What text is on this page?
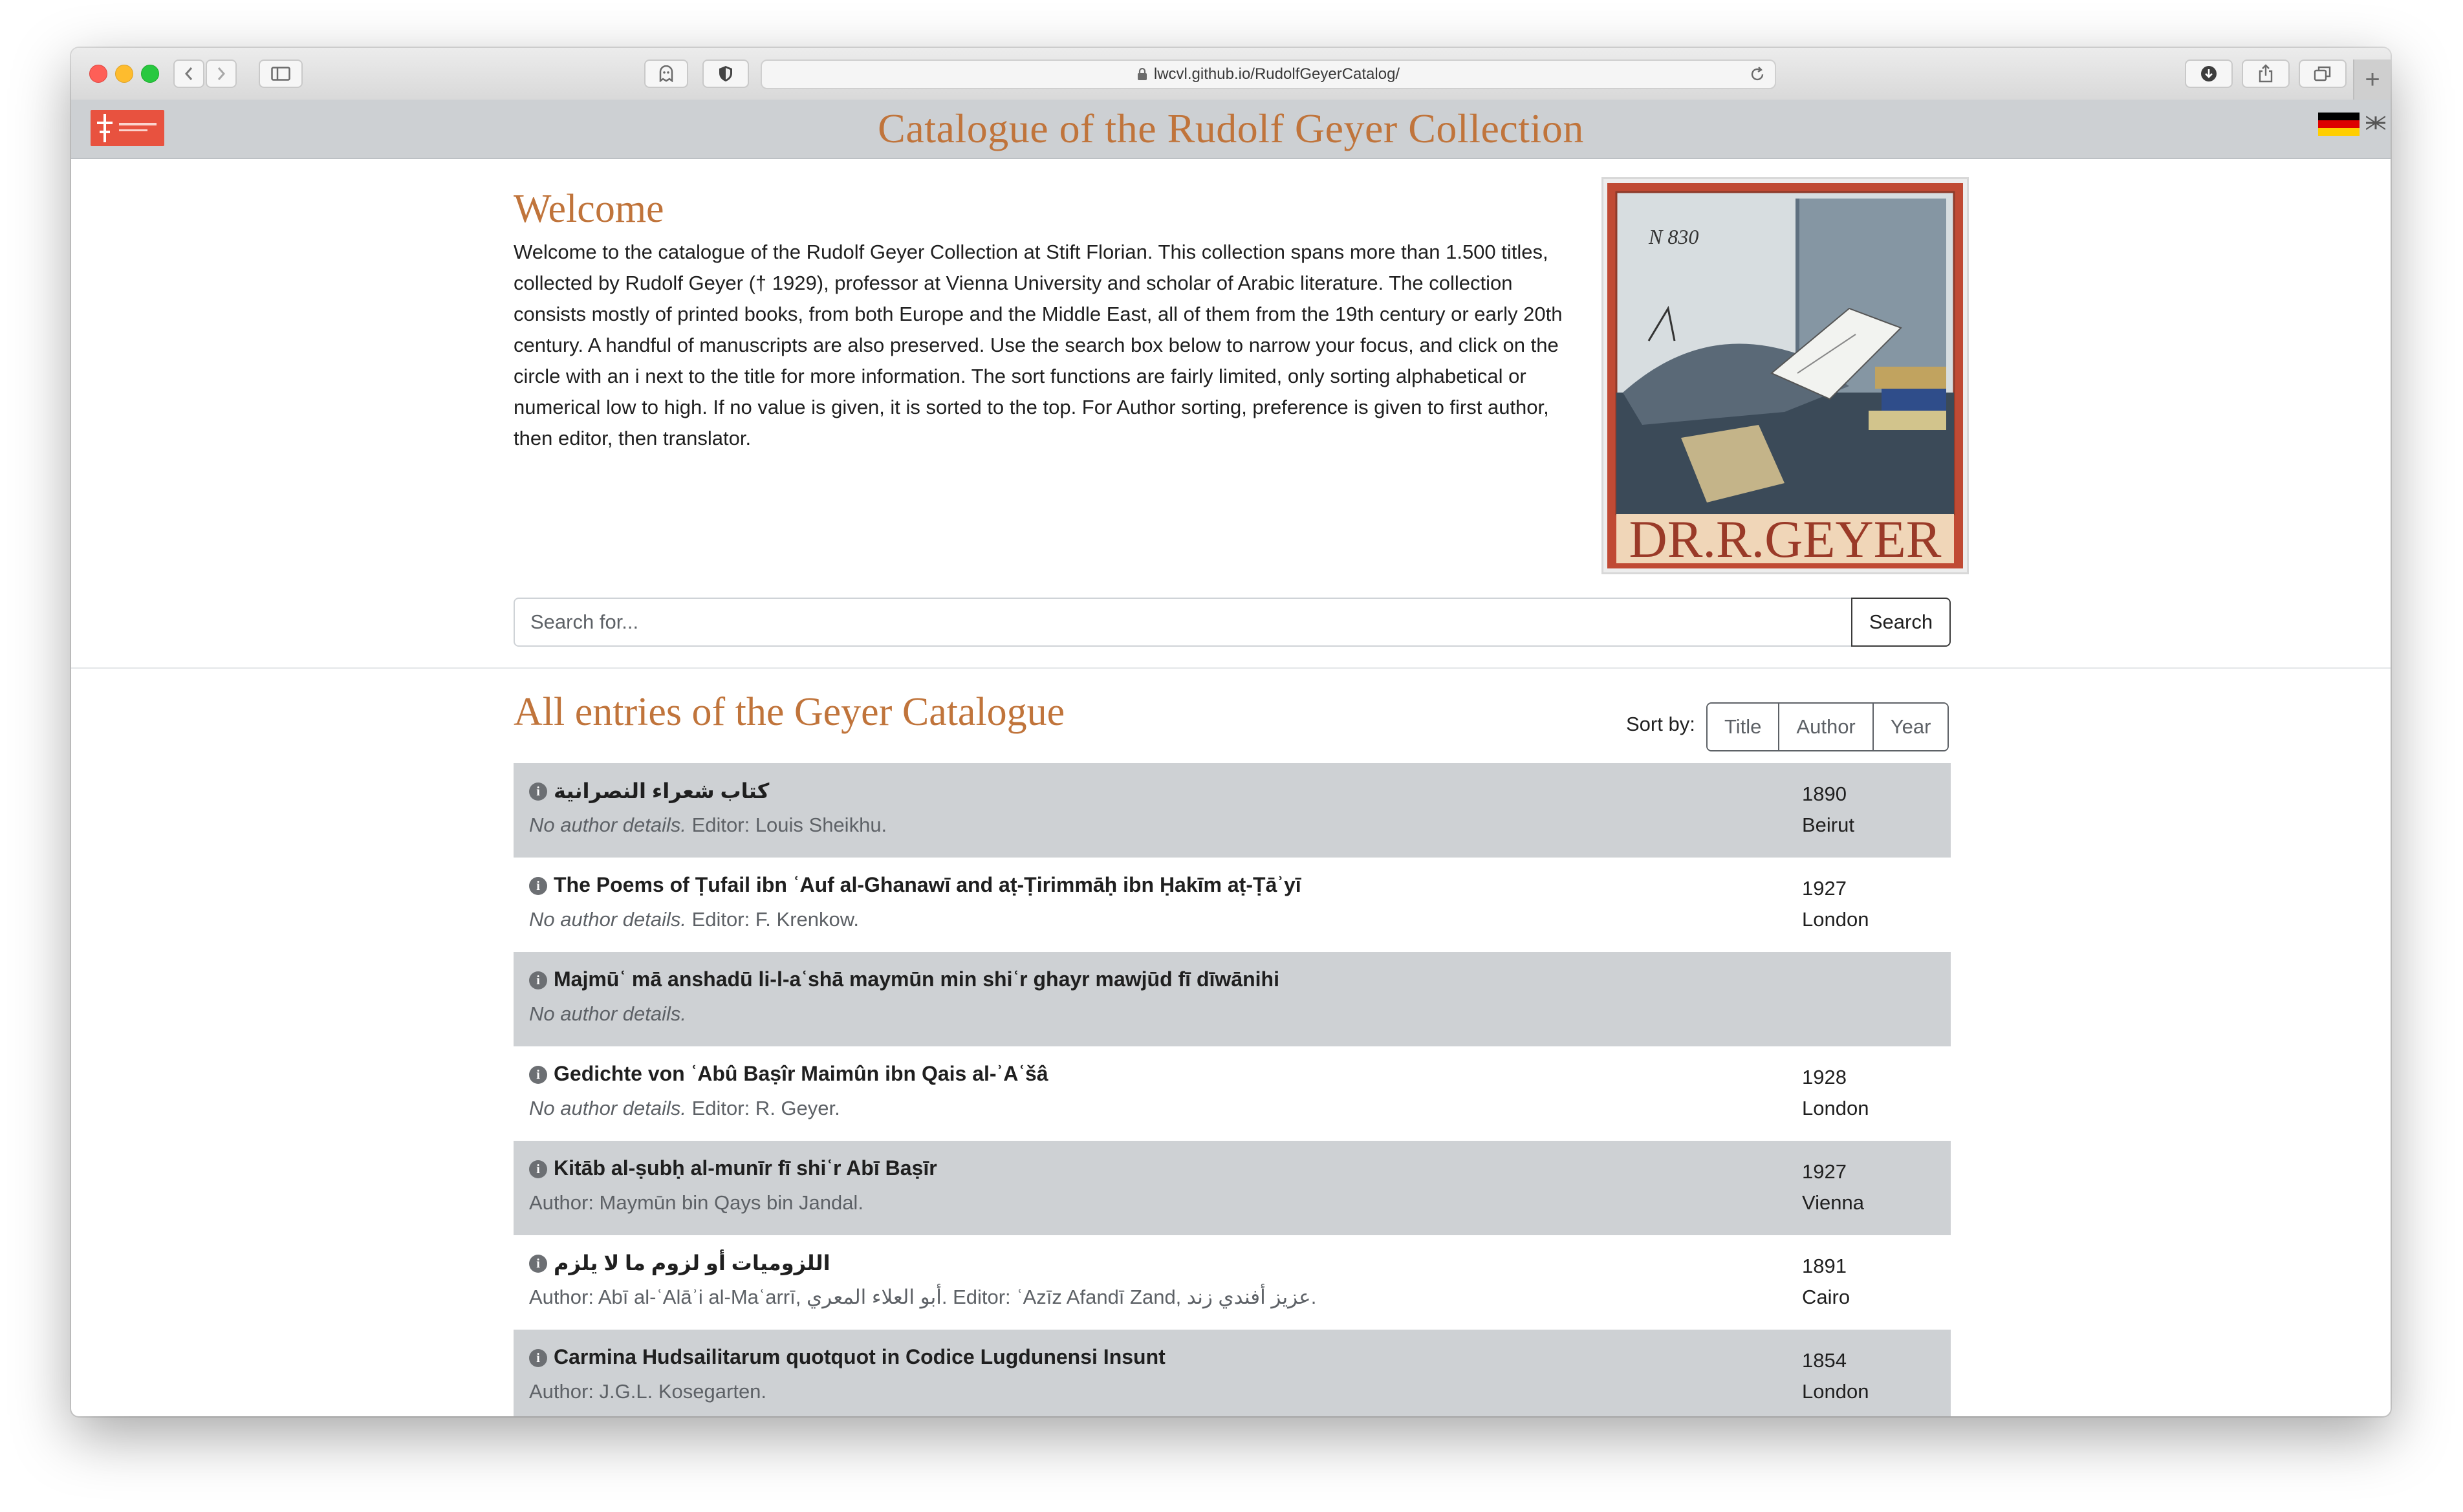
lwcvl.github.io/RudolfGeyerCatalog/	+
Catalogue of the Rudolf Geyer Collection
Welcome

Welcome to the catalogue of the Rudolf Geyer Collection at Stift Florian. This collection spans more than 1.500 titles, collected by Rudolf Geyer († 1929), professor at Vienna University and scholar of Arabic literature. The collection consists mostly of printed books, from both Europe and the Middle East, all of them from the 19th century or early 20th century. A handful of manuscripts are also preserved. Use the search box below to narrow your focus, and click on the circle with an i next to the title for more information. The sort functions are fairly limited, only sorting alphabetical or numerical low to high. If no value is given, it is sorted to the top. For Author sorting, preference is given to first author, then editor, then translator.

N 830
DR.R.GEYER
Search for...
Search
All entries of the Geyer Catalogue	Sort by:	Title	Author	Year
i كتاب شعراء النصرانية
No author details. Editor: Louis Sheikhu.
1890
Beirut
i The Poems of Ṭufail ibn ʿAuf al-Ghanawī and aṭ-Ṭirimmāḥ ibn Ḥakīm aṭ-Ṭāʾyī
No author details. Editor: F. Krenkow.
1927
London
i Majmūʿ mā anshadū li-l-aʿshā maymūn min shiʿr ghayr mawjūd fī dīwānihi
No author details.
i Gedichte von ʿAbû Baṣîr Maimûn ibn Qais al-ʾAʿšâ
No author details. Editor: R. Geyer.
1928
London
i Kitāb al-ṣubḥ al-munīr fī shiʿr Abī Baṣīr
Author: Maymūn bin Qays bin Jandal.
1927
Vienna
i اللزوميات أو لزوم ما لا يلزم
Author: Abī al-ʿAlāʾi al-Maʿarrī, أبو العلاء المعري. Editor: ʿAzīz Afandī Zand, عزيز أفندي زند.
1891
Cairo
i Carmina Hudsailitarum quotquot in Codice Lugdunensi Insunt
Author: J.G.L. Kosegarten.
1854
London
